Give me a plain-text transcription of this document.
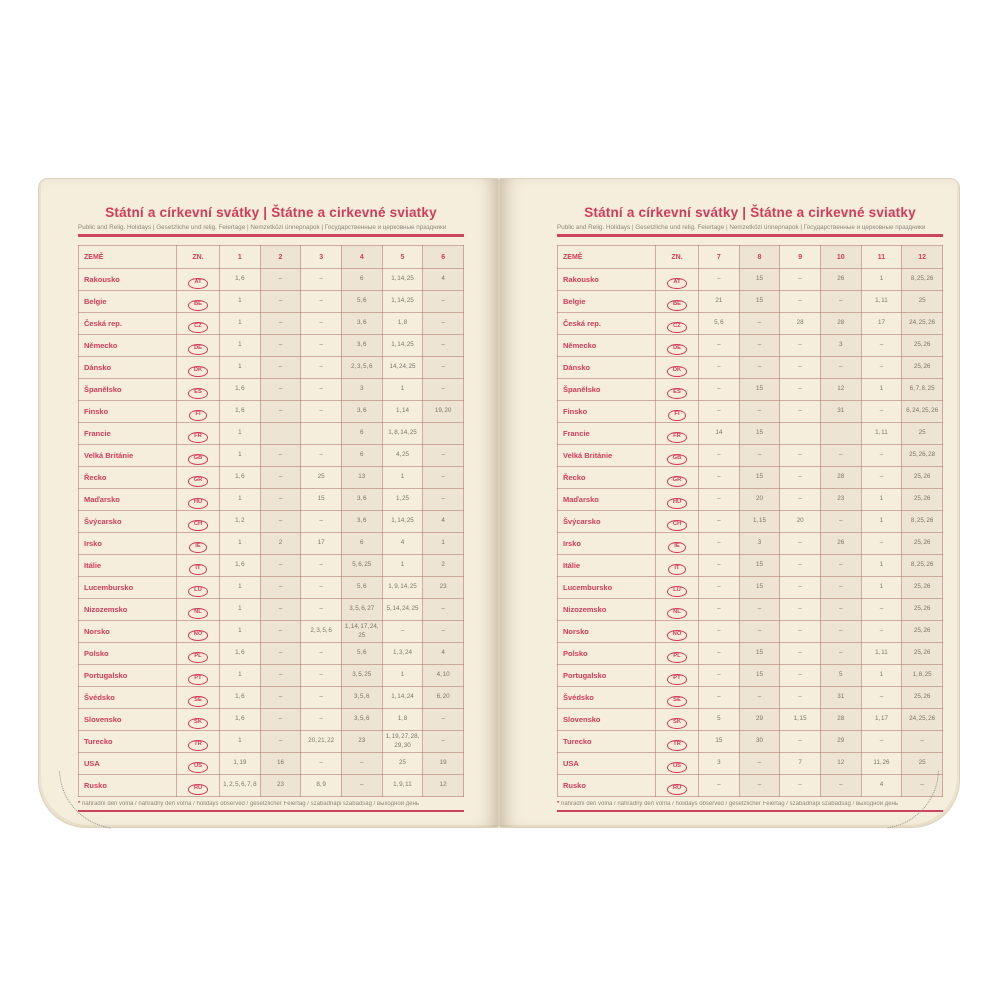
Státní a církevní svátky | Štátne a cirkevné sviatky
Public and Relig. Holidays | Gesetzliche und relig. Feiertage | Nemzetközi ünnepnapok | Государственные и церковные праздники
ZEMĚ	ZN.	1	2	3	4	5	6
Rakousko	AT	1, 6	–	–	6	1, 14, 25	4
Belgie	BE	1	–	–	5, 6	1, 14, 25	–
Česká rep.	CZ	1	–	–	3, 6	1, 8	–
Německo	DE	1	–	–	3, 6	1, 14, 25	–
Dánsko	DK	1	–	–	2, 3, 5, 6	14, 24, 25	–
Španělsko	ES	1, 6	–	–	3	1	–
Finsko	FI	1, 6	–	–	3, 6	1, 14	19, 20
Francie	FR	1			6	1, 8, 14, 25	
Velká Británie	GB	1	–	–	6	4, 25	–
Řecko	GR	1, 6	–	25	13	1	–
Maďarsko	HU	1	–	15	3, 6	1, 25	–
Švýcarsko	CH	1, 2	–	–	3, 6	1, 14, 25	4
Irsko	IE	1	2	17	6	4	1
Itálie	IT	1, 6	–	–	5, 6, 25	1	2
Lucembursko	LU	1	–	–	5, 6	1, 9, 14, 25	23
Nizozemsko	NL	1	–	–	3, 5, 6, 27	5, 14, 24, 25	–
Norsko	NO	1	–	2, 3, 5, 6	1, 14, 17, 24, 25	–	–
Polsko	PL	1, 6	–	–	5, 6	1, 3, 24	4
Portugalsko	PT	1	–	–	3, 5, 25	1	4, 10
Švédsko	SE	1, 6	–	–	3, 5, 6	1, 14, 24	6, 20
Slovensko	SK	1, 6	–	–	3, 5, 6	1, 8	–
Turecko	TR	1	–	20, 21, 22	23	1, 19, 27, 28, 29, 30	–
USA	US	1, 19	16	–	–	25	19
Rusko	RU	1, 2, 5, 6, 7, 8	23	8, 9	–	1, 9, 11	12
* náhradní den volna / náhradný deň voľna / holidays observed / gesetzlicher Feiertag / szabadnapi szabadság / выходной день
Státní a církevní svátky | Štátne a cirkevné sviatky
Public and Relig. Holidays | Gesetzliche und relig. Feiertage | Nemzetközi ünnepnapok | Государственные и церковные праздники
ZEMĚ	ZN.	7	8	9	10	11	12
Rakousko	AT	–	15	–	26	1	8, 25, 26
Belgie	BE	21	15	–	–	1, 11	25
Česká rep.	CZ	5, 6	–	28	28	17	24, 25, 26
Německo	DE	–	–	–	3	–	25, 26
Dánsko	DK	–	–	–	–	–	25, 26
Španělsko	ES	–	15	–	12	1	6, 7, 8, 25
Finsko	FI	–	–	–	31	–	6, 24, 25, 26
Francie	FR	14	15			1, 11	25
Velká Británie	GB	–	–	–	–	–	25, 26, 28
Řecko	GR	–	15	–	28	–	25, 26
Maďarsko	HU	–	20	–	23	1	25, 26
Švýcarsko	CH	–	1, 15	20	–	1	8, 25, 26
Irsko	IE	–	3	–	26	–	25, 26
Itálie	IT	–	15	–	–	1	8, 25, 26
Lucembursko	LU	–	15	–	–	1	25, 26
Nizozemsko	NL	–	–	–	–	–	25, 26
Norsko	NO	–	–	–	–	–	25, 26
Polsko	PL	–	15	–	–	1, 11	25, 26
Portugalsko	PT	–	15	–	5	1	1, 8, 25
Švédsko	SE	–	–	–	31	–	25, 26
Slovensko	SK	5	29	1, 15	28	1, 17	24, 25, 26
Turecko	TR	15	30	–	29	–	–
USA	US	3	–	7	12	11, 26	25
Rusko	RU	–	–	–	–	4	–
* náhradní den volna / náhradný deň voľna / holidays observed / gesetzlicher Feiertag / szabadnapi szabadság / выходной день
